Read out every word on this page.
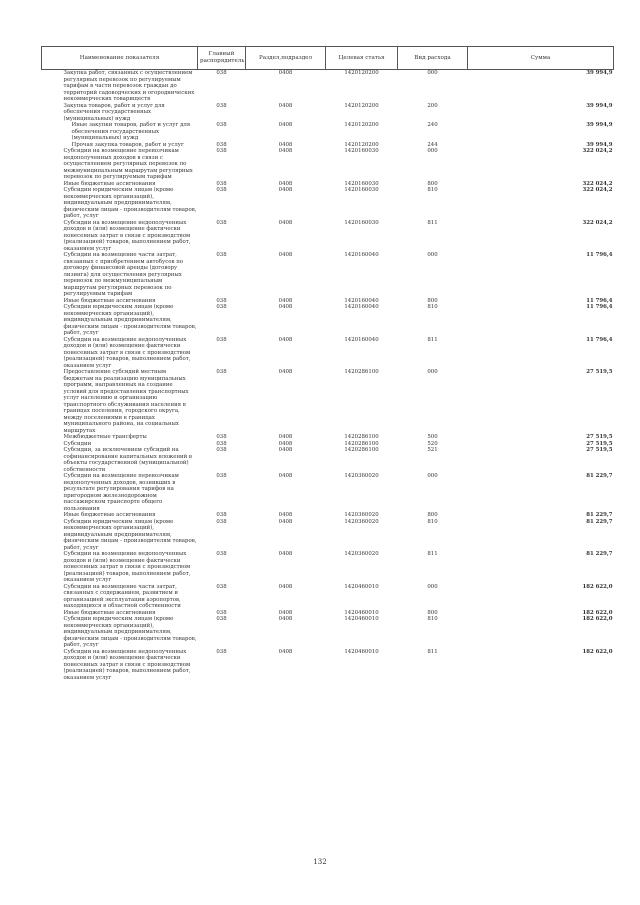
Наименование показателя	Главный распорядитель	Раздел,подраздел	Целевая статья	Вид расхода	Сумма
Закупка работ, связанных с осуществлением регулярных перевозок по регулируемым тарифам в части перевозок граждан до территорий садоводческих и огороднических некоммерческих товариществ	038	0408	1420120200	000	39 994,9
Закупка товаров, работ и услуг для обеспечения государственных (муниципальных) нужд	038	0408	1420120200	200	39 994,9
Иные закупки товаров, работ и услуг для обеспечения государственных (муниципальных) нужд	038	0408	1420120200	240	39 994,9
Прочая закупка товаров, работ и услуг	038	0408	1420120200	244	39 994,9
Субсидии на возмещение перевозчикам недополученных доходов в связи с осуществлением регулярных перевозок по межмуниципальным маршрутам регулярных перевозок по регулируемым тарифам	038	0408	1420160030	000	322 024,2
Иные бюджетные ассигнования	038	0408	1420160030	800	322 024,2
Субсидии юридическим лицам (кроме некоммерческих организаций), индивидуальным предпринимателям, физическим лицам - производителям товаров, работ, услуг	038	0408	1420160030	810	322 024,2
Субсидии на возмещение недополученных доходов и (или) возмещение фактически понесенных затрат в связи с производством (реализацией) товаров, выполнением работ, оказанием услуг	038	0408	1420160030	811	322 024,2
Субсидии на возмещение части затрат, связанных с приобретением автобусов по договору финансовой аренды (договору лизинга) для осуществления регулярных перевозок по межмуниципальным маршрутам регулярных перевозок по регулируемым тарифам	038	0408	1420160040	000	11 796,4
Иные бюджетные ассигнования	038	0408	1420160040	800	11 796,4
Субсидии юридическим лицам (кроме некоммерческих организаций), индивидуальным предпринимателям, физическим лицам - производителям товаров, работ, услуг	038	0408	1420160040	810	11 796,4
Субсидии на возмещение недополученных доходов и (или) возмещение фактически понесенных затрат в связи с производством (реализацией) товаров, выполнением работ, оказанием услуг	038	0408	1420160040	811	11 796,4
Предоставление субсидий местным бюджетам на реализацию муниципальных программ, направленных на создание условий для предоставления транспортных услуг населению и организацию транспортного обслуживания населения в границах поселения, городского округа, между поселениями в границах муниципального района, на социальных маршрутах	038	0408	1420286100	000	27 519,5
Межбюджетные трансферты	038	0408	1420286100	500	27 519,5
Субсидии	038	0408	1420286100	520	27 519,5
Субсидии, за исключением субсидий на софинансирование капитальных вложений в объекты государственной (муниципальной) собственности	038	0408	1420286100	521	27 519,5
Субсидии на возмещение перевозчикам недополученных доходов, возникших в результате регулирования тарифов на пригородном железнодорожном пассажирском транспорте общего пользования	038	0408	1420360020	000	81 229,7
Иные бюджетные ассигнования	038	0408	1420360020	800	81 229,7
Субсидии юридическим лицам (кроме некоммерческих организаций), индивидуальным предпринимателям, физическим лицам - производителям товаров, работ, услуг	038	0408	1420360020	810	81 229,7
Субсидии на возмещение недополученных доходов и (или) возмещение фактически понесенных затрат в связи с производством (реализацией) товаров, выполнением работ, оказанием услуг	038	0408	1420360020	811	81 229,7
Субсидии на возмещение части затрат, связанных с содержанием, развитием и организацией эксплуатации аэропортов, находящихся в областной собственности	038	0408	1420460010	000	182 622,0
Иные бюджетные ассигнования	038	0408	1420460010	800	182 622,0
Субсидии юридическим лицам (кроме некоммерческих организаций), индивидуальным предпринимателям, физическим лицам - производителям товаров, работ, услуг	038	0408	1420460010	810	182 622,0
Субсидии на возмещение недополученных доходов и (или) возмещение фактически понесенных затрат в связи с производством (реализацией) товаров, выполнением работ, оказанием услуг	038	0408	1420460010	811	182 622,0
132
